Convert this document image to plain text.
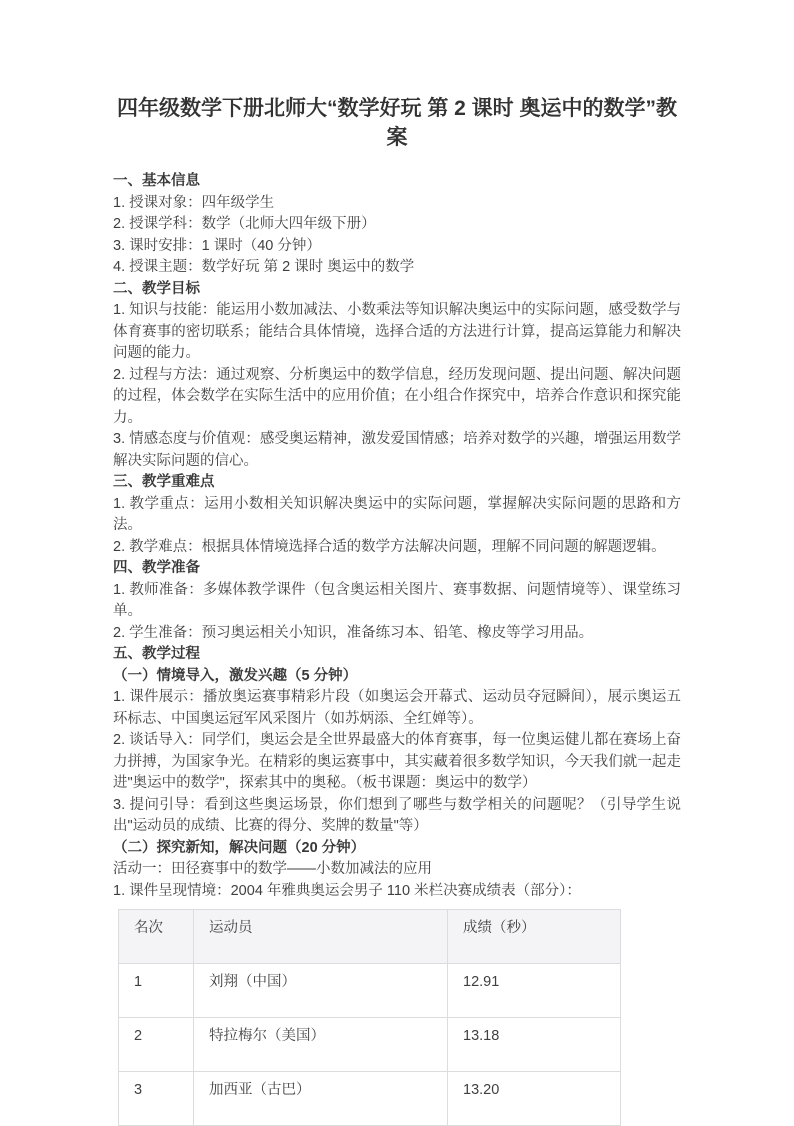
四年级数学下册北师大“数学好玩 第 2 课时 奥运中的数学”教案
一、基本信息

1. 授课对象：四年级学生

2. 授课学科：数学（北师大四年级下册）

3. 课时安排：1 课时（40 分钟）

4. 授课主题：数学好玩 第 2 课时 奥运中的数学

二、教学目标

1. 知识与技能：能运用小数加减法、小数乘法等知识解决奥运中的实际问题，感受数学与体育赛事的密切联系；能结合具体情境，选择合适的方法进行计算，提高运算能力和解决问题的能力。

2. 过程与方法：通过观察、分析奥运中的数学信息，经历发现问题、提出问题、解决问题的过程，体会数学在实际生活中的应用价值；在小组合作探究中，培养合作意识和探究能力。

3. 情感态度与价值观：感受奥运精神，激发爱国情感；培养对数学的兴趣，增强运用数学解决实际问题的信心。

三、教学重难点

1. 教学重点：运用小数相关知识解决奥运中的实际问题，掌握解决实际问题的思路和方法。

2. 教学难点：根据具体情境选择合适的数学方法解决问题，理解不同问题的解题逻辑。

四、教学准备

1. 教师准备：多媒体教学课件（包含奥运相关图片、赛事数据、问题情境等）、课堂练习单。

2. 学生准备：预习奥运相关小知识，准备练习本、铅笔、橡皮等学习用品。

五、教学过程
（一）情境导入，激发兴趣（5 分钟）

1. 课件展示：播放奥运赛事精彩片段（如奥运会开幕式、运动员夺冠瞬间），展示奥运五环标志、中国奥运冠军风采图片（如苏炳添、全红婵等）。

2. 谈话导入：同学们，奥运会是全世界最盛大的体育赛事，每一位奥运健儿都在赛场上奋力拼搏，为国家争光。在精彩的奥运赛事中，其实藏着很多数学知识，今天我们就一起走进"奥运中的数学"，探索其中的奥秘。（板书课题：奥运中的数学）

3. 提问引导：看到这些奥运场景，你们想到了哪些与数学相关的问题呢？（引导学生说出"运动员的成绩、比赛的得分、奖牌的数量"等）

（二）探究新知，解决问题（20 分钟）

活动一：田径赛事中的数学——小数加减法的应用

1. 课件呈现情境：2004 年雅典奥运会男子 110 米栏决赛成绩表（部分）：

名次	运动员	成绩（秒）
1	刘翔（中国）	12.91
2	特拉梅尔（美国）	13.18
3	加西亚（古巴）	13.20
